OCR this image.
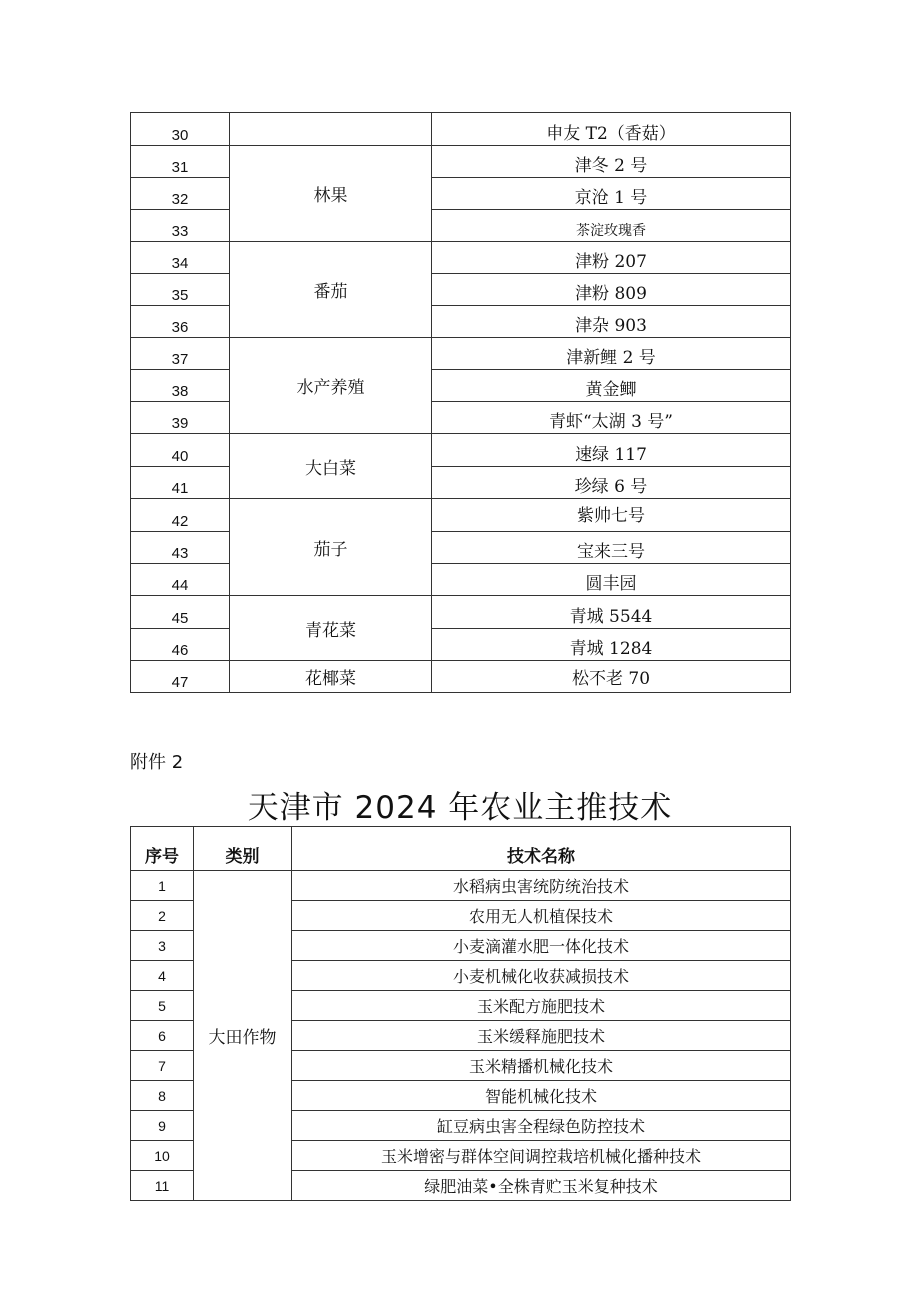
30		申友 T2（香菇）
31	林果	津冬 2 号
32		京沧 1 号
33		茶淀玫瑰香
34	番茄	津粉 207
35		津粉 809
36		津杂 903
37	水产养殖	津新鲤 2 号
38		黄金鲫
39		青虾“太湖 3 号”
40	大白菜	速绿 117
41		珍绿 6 号
42	茄子	紫帅七号
43		宝来三号
44		圆丰园
45	青花菜	青城 5544
46		青城 1284
47	花椰菜	松不老 70
附件 2
天津市 2024 年农业主推技术
序号	类别	技术名称
1	大田作物	水稻病虫害统防统治技术
2		农用无人机植保技术
3		小麦滴灌水肥一体化技术
4		小麦机械化收获减损技术
5		玉米配方施肥技术
6		玉米缓释施肥技术
7		玉米精播机械化技术
8		智能机械化技术
9		缸豆病虫害全程绿色防控技术
10		玉米增密与群体空间调控栽培机械化播种技术
11		绿肥油菜•全株青贮玉米复种技术
